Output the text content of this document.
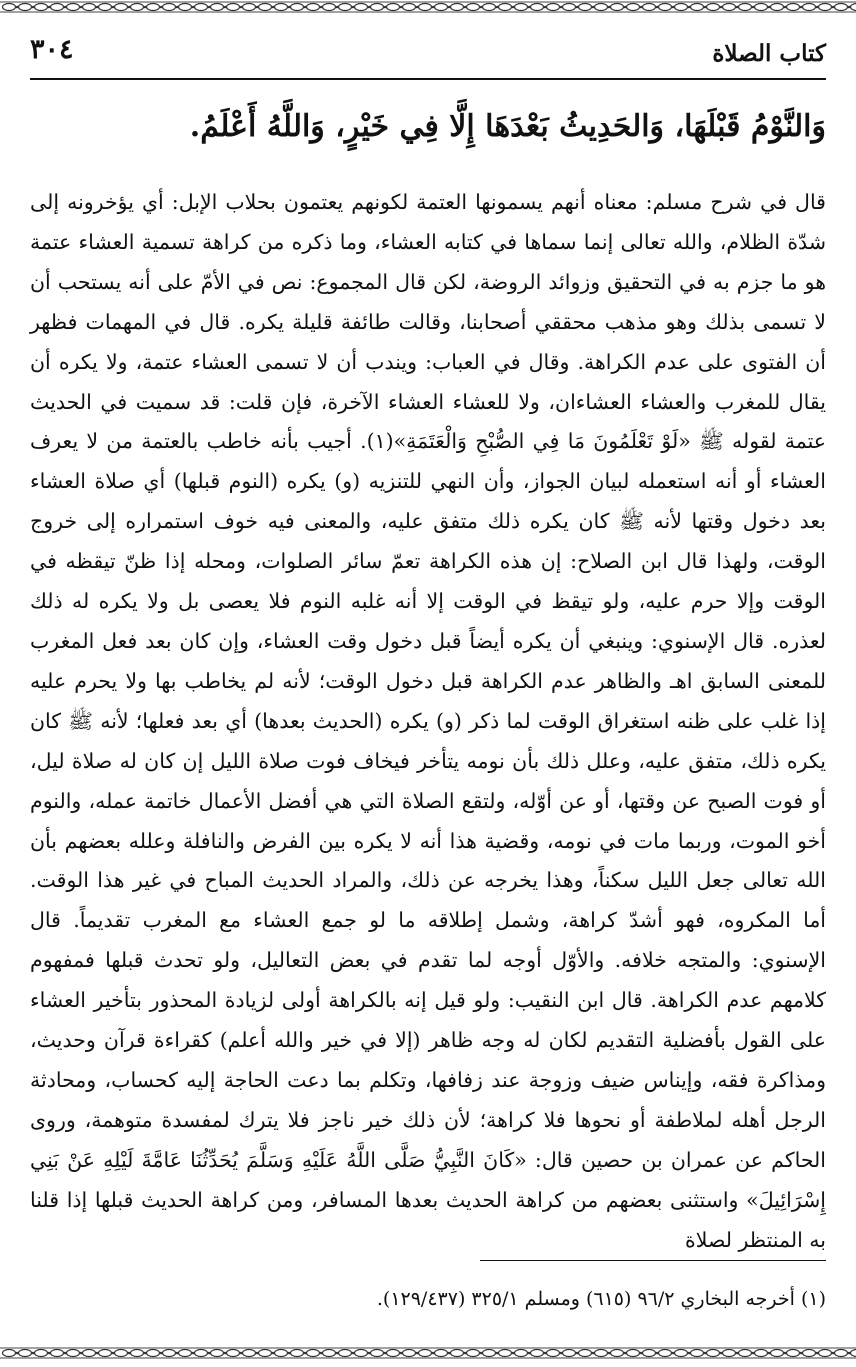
كتاب الصلاة
٣٠٤
وَالنَّوْمُ قَبْلَهَا، وَالحَدِيثُ بَعْدَهَا إِلَّا فِي خَيْرٍ، وَاللَّهُ أَعْلَمُ.

قال في شرح مسلم: معناه أنهم يسمونها العتمة لكونهم يعتمون بحلاب الإبل: أي يؤخرونه إلى شدّة الظلام، والله تعالى إنما سماها في كتابه العشاء، وما ذكره من كراهة تسمية العشاء عتمة هو ما جزم به في التحقيق وزوائد الروضة، لكن قال المجموع: نص في الأمّ على أنه يستحب أن لا تسمى بذلك وهو مذهب محققي أصحابنا، وقالت طائفة قليلة يكره. قال في المهمات فظهر أن الفتوى على عدم الكراهة. وقال في العباب: ويندب أن لا تسمى العشاء عتمة، ولا يكره أن يقال للمغرب والعشاء العشاءان، ولا للعشاء العشاء الآخرة، فإن قلت: قد سميت في الحديث عتمة لقوله ﷺ «لَوْ تَعْلَمُونَ مَا فِي الصُّبْحِ وَالْعَتَمَةِ»(١). أجيب بأنه خاطب بالعتمة من لا يعرف العشاء أو أنه استعمله لبيان الجواز، وأن النهي للتنزيه (و) يكره (النوم قبلها) أي صلاة العشاء بعد دخول وقتها لأنه ﷺ كان يكره ذلك متفق عليه، والمعنى فيه خوف استمراره إلى خروج الوقت، ولهذا قال ابن الصلاح: إن هذه الكراهة تعمّ سائر الصلوات، ومحله إذا ظنّ تيقظه في الوقت وإلا حرم عليه، ولو تيقظ في الوقت إلا أنه غلبه النوم فلا يعصى بل ولا يكره له ذلك لعذره. قال الإسنوي: وينبغي أن يكره أيضاً قبل دخول وقت العشاء، وإن كان بعد فعل المغرب للمعنى السابق اهـ والظاهر عدم الكراهة قبل دخول الوقت؛ لأنه لم يخاطب بها ولا يحرم عليه إذا غلب على ظنه استغراق الوقت لما ذكر (و) يكره (الحديث بعدها) أي بعد فعلها؛ لأنه ﷺ كان يكره ذلك، متفق عليه، وعلل ذلك بأن نومه يتأخر فيخاف فوت صلاة الليل إن كان له صلاة ليل، أو فوت الصبح عن وقتها، أو عن أوّله، ولتقع الصلاة التي هي أفضل الأعمال خاتمة عمله، والنوم أخو الموت، وربما مات في نومه، وقضية هذا أنه لا يكره بين الفرض والنافلة وعلله بعضهم بأن الله تعالى جعل الليل سكناً، وهذا يخرجه عن ذلك، والمراد الحديث المباح في غير هذا الوقت. أما المكروه، فهو أشدّ كراهة، وشمل إطلاقه ما لو جمع العشاء مع المغرب تقديماً. قال الإسنوي: والمتجه خلافه. والأوّل أوجه لما تقدم في بعض التعاليل، ولو تحدث قبلها فمفهوم كلامهم عدم الكراهة. قال ابن النقيب: ولو قيل إنه بالكراهة أولى لزيادة المحذور بتأخير العشاء على القول بأفضلية التقديم لكان له وجه ظاهر (إلا في خير والله أعلم) كقراءة قرآن وحديث، ومذاكرة فقه، وإيناس ضيف وزوجة عند زفافها، وتكلم بما دعت الحاجة إليه كحساب، ومحادثة الرجل أهله لملاطفة أو نحوها فلا كراهة؛ لأن ذلك خير ناجز فلا يترك لمفسدة متوهمة، وروى الحاكم عن عمران بن حصين قال: «كَانَ النَّبِيُّ صَلَّى اللَّهُ عَلَيْهِ وَسَلَّمَ يُحَدِّثُنَا عَامَّةَ لَيْلِهِ عَنْ بَنِي إِسْرَائِيلَ» واستثنى بعضهم من كراهة الحديث بعدها المسافر، ومن كراهة الحديث قبلها إذا قلنا به المنتظر لصلاة

(١) أخرجه البخاري ٩٦/٢ (٦١٥) ومسلم ٣٢٥/١ (١٢٩/٤٣٧).
